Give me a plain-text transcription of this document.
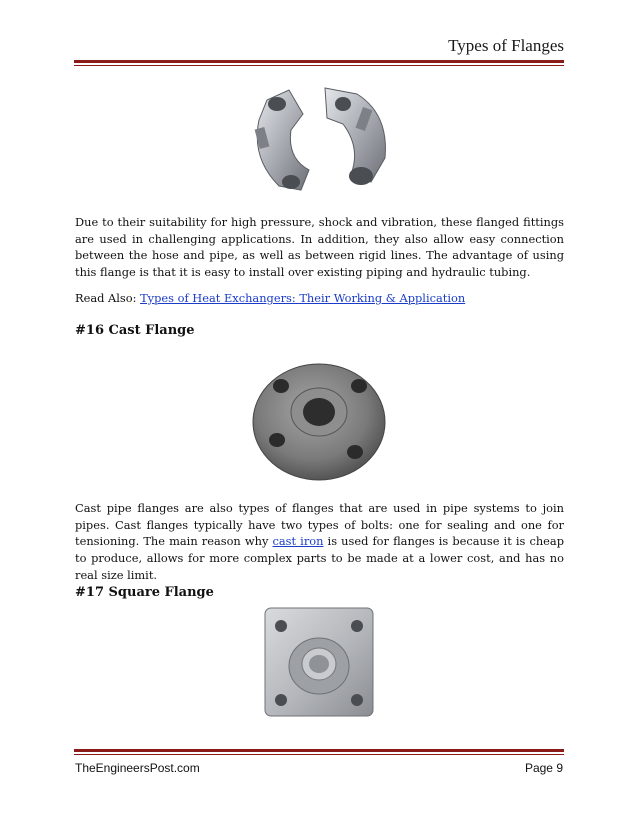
Types of Flanges

Due to their suitability for high pressure, shock and vibration, these flanged fittings are used in challenging applications. In addition, they also allow easy connection between the hose and pipe, as well as between rigid lines. The advantage of using this flange is that it is easy to install over existing piping and hydraulic tubing.

Read Also: Types of Heat Exchangers: Their Working & Application

#16 Cast Flange

Cast pipe flanges are also types of flanges that are used in pipe systems to join pipes. Cast flanges typically have two types of bolts: one for sealing and one for tensioning. The main reason why cast iron is used for flanges is because it is cheap to produce, allows for more complex parts to be made at a lower cost, and has no real size limit.

#17 Square Flange
TheEngineersPost.com	Page 9
